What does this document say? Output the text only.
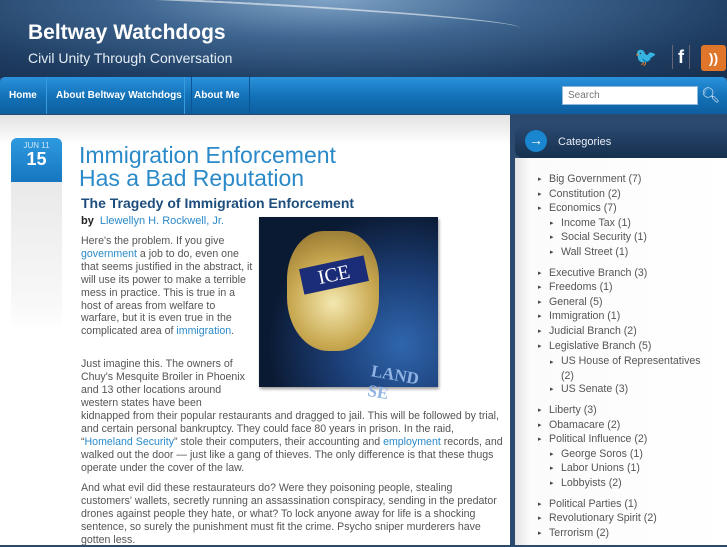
Beltway Watchdogs
Civil Unity Through Conversation	🐦	f	))
Home	About Beltway Watchdogs	About Me
Search	🔍︎
JUN 11
15	Immigration Enforcement Has a Bad Reputation
The Tragedy of Immigration Enforcement
by Llewellyn H. Rockwell, Jr.
ICE
LAND SE
Here's the problem. If you give government a job to do, even one that seems justified in the abstract, it will use its power to make a terrible mess in practice. This is true in a host of areas from welfare to warfare, but it is even true in the complicated area of immigration.
Just imagine this. The owners of Chuy's Mesquite Broiler in Phoenix and 13 other locations around western states have been
kidnapped from their popular restaurants and dragged to jail. This will be followed by trial, and certain personal bankruptcy. They could face 80 years in prison. In the raid, “Homeland Security” stole their computers, their accounting and employment records, and walked out the door — just like a gang of thieves. The only difference is that these thugs operate under the cover of the law.
And what evil did these restaurateurs do? Were they poisoning people, stealing customers' wallets, secretly running an assassination conspiracy, sending in the predator drones against people they hate, or what? To lock anyone away for life is a shocking sentence, so surely the punishment must fit the crime. Psycho sniper murderers have gotten less.
→	Categories
▸ Big Government (7)
▸ Constitution (2)
▸ Economics (7)
▸ Income Tax (1)
▸ Social Security (1)
▸ Wall Street (1)
▸ Executive Branch (3)
▸ Freedoms (1)
▸ General (5)
▸ Immigration (1)
▸ Judicial Branch (2)
▸ Legislative Branch (5)
▸ US House of Representatives (2)
▸ US Senate (3)
▸ Liberty (3)
▸ Obamacare (2)
▸ Political Influence (2)
▸ George Soros (1)
▸ Labor Unions (1)
▸ Lobbyists (2)
▸ Political Parties (1)
▸ Revolutionary Spirit (2)
▸ Terrorism (2)
